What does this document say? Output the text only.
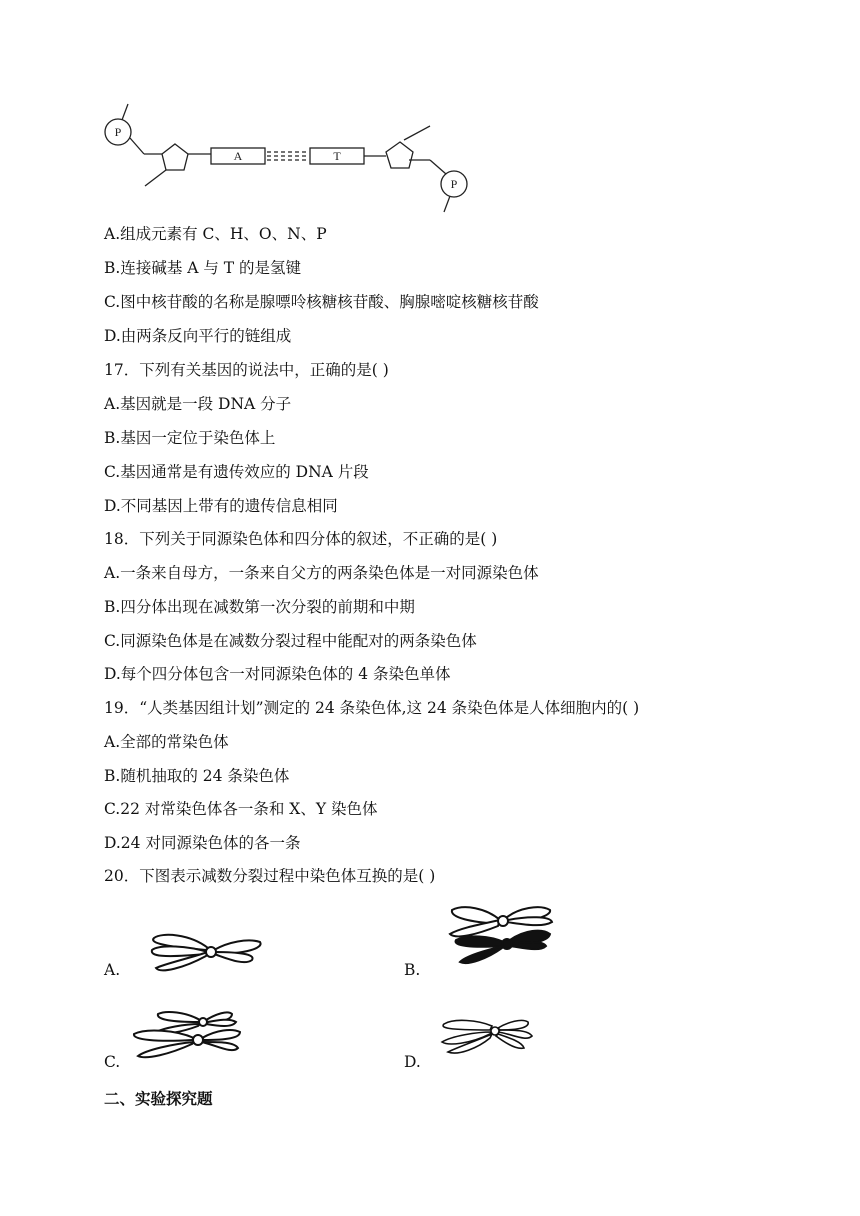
P
A	T
P
A.组成元素有 C、H、O、N、P
B.连接碱基 A 与 T 的是氢键
C.图中核苷酸的名称是腺嘌呤核糖核苷酸、胸腺嘧啶核糖核苷酸
D.由两条反向平行的链组成
17．下列有关基因的说法中，正确的是( )
A.基因就是一段 DNA 分子
B.基因一定位于染色体上
C.基因通常是有遗传效应的 DNA 片段
D.不同基因上带有的遗传信息相同
18．下列关于同源染色体和四分体的叙述，不正确的是( )
A.一条来自母方，一条来自父方的两条染色体是一对同源染色体
B.四分体出现在减数第一次分裂的前期和中期
C.同源染色体是在减数分裂过程中能配对的两条染色体
D.每个四分体包含一对同源染色体的 4 条染色单体
19．“人类基因组计划”测定的 24 条染色体,这 24 条染色体是人体细胞内的( )
A.全部的常染色体
B.随机抽取的 24 条染色体
C.22 对常染色体各一条和 X、Y 染色体
D.24 对同源染色体的各一条
20．下图表示减数分裂过程中染色体互换的是( )
A.	B.
C.	D.
二、实验探究题
